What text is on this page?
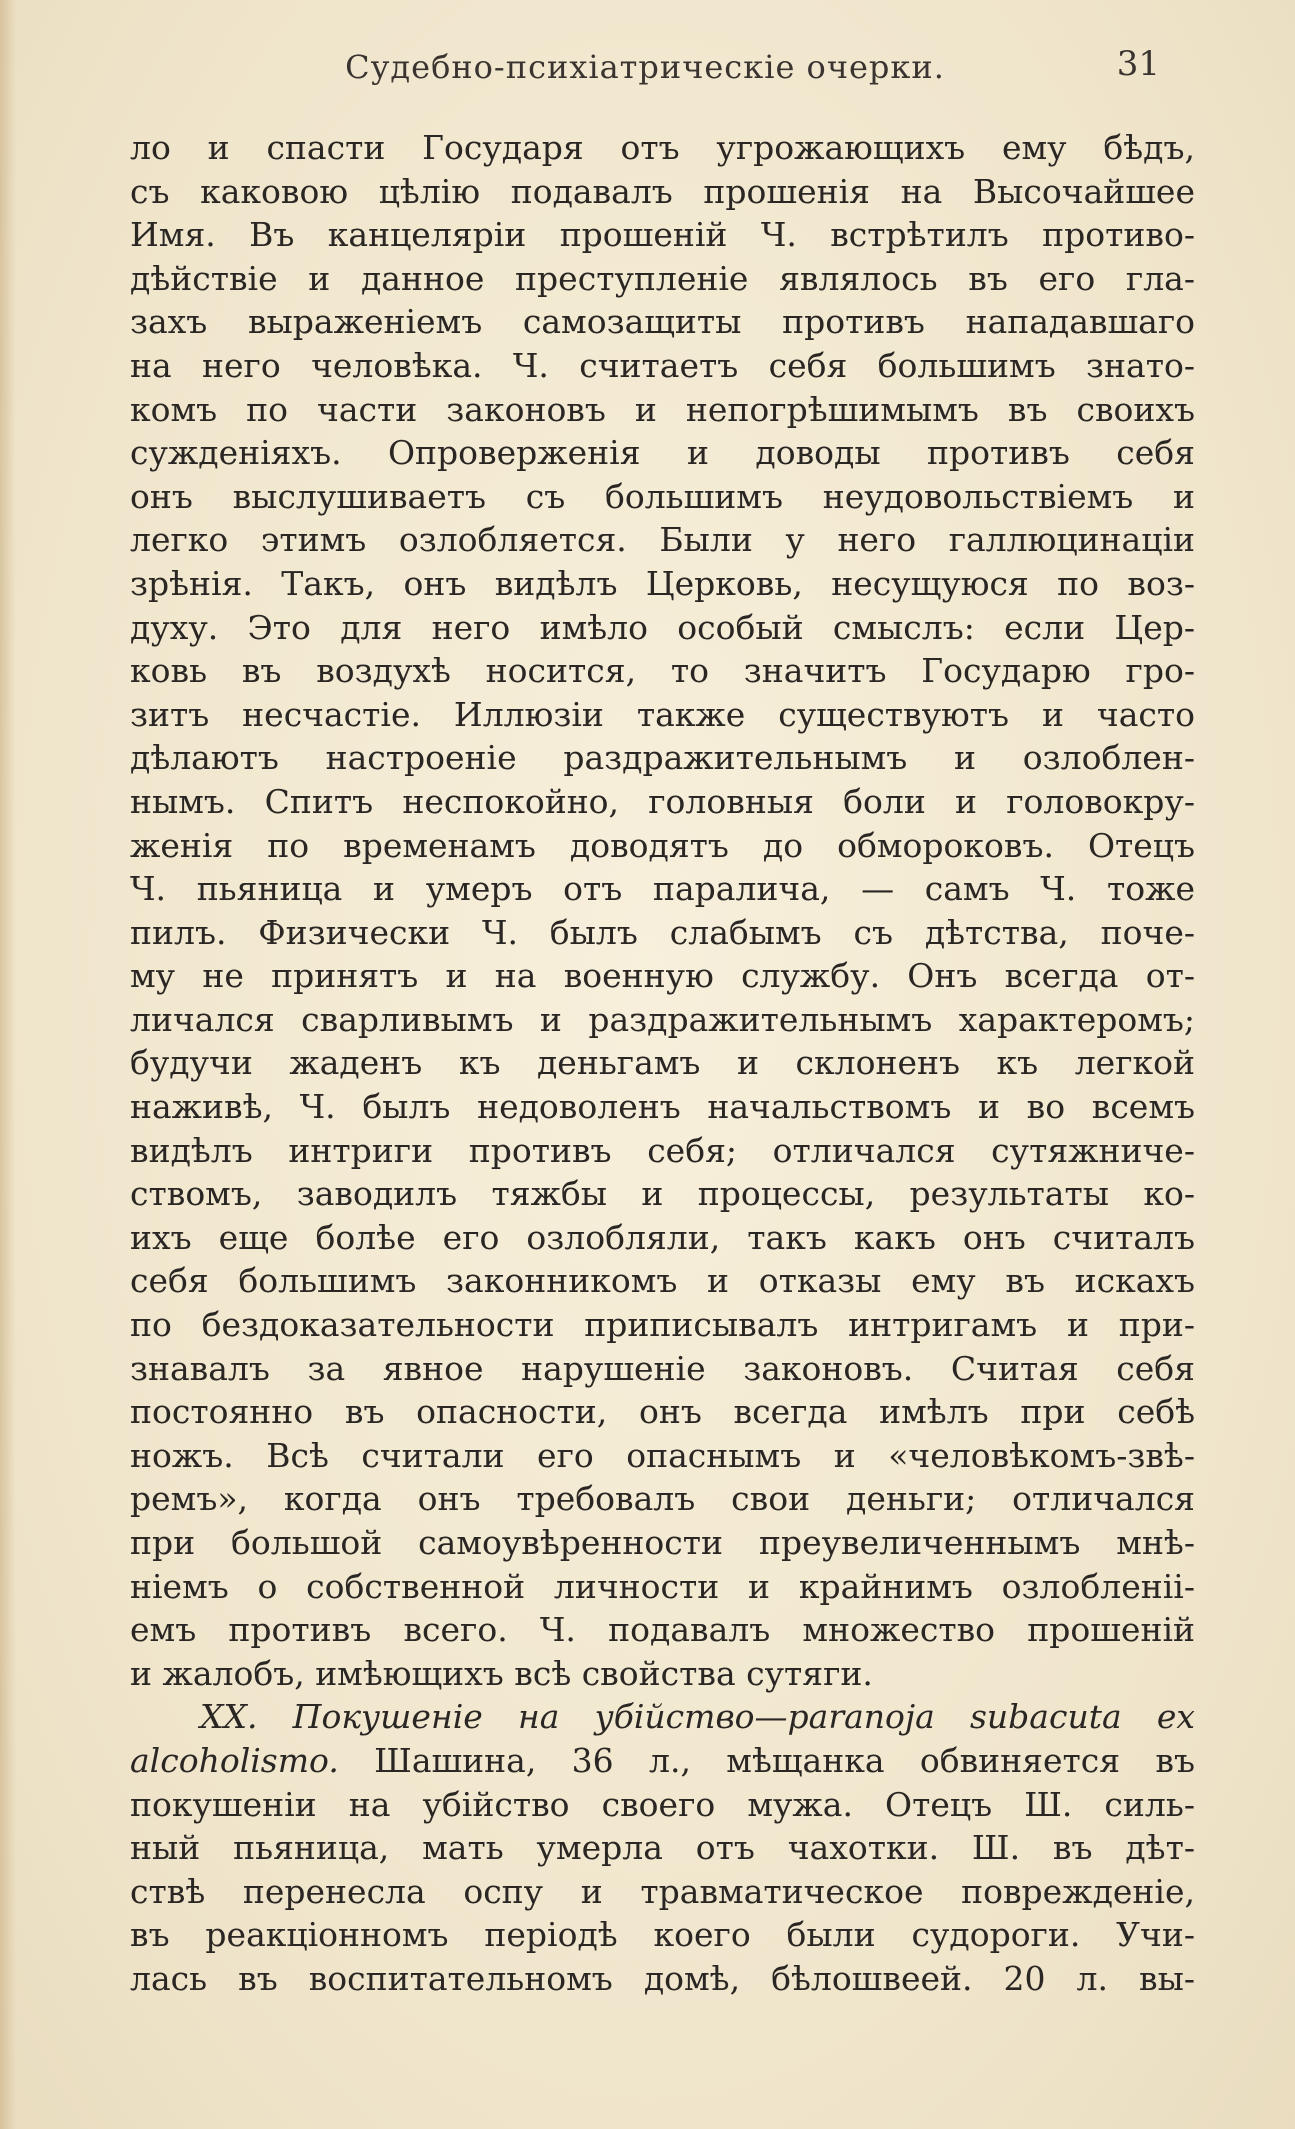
Судебно-психіатрическіе очерки.	31
ло и спасти Государя отъ угрожающихъ ему бѣдъ,
съ каковою цѣлію подавалъ прошенія на Высочайшее
Имя. Въ канцеляріи прошеній Ч. встрѣтилъ противо-
дѣйствіе и данное преступленіе являлось въ его гла-
захъ выраженіемъ самозащиты противъ нападавшаго
на него человѣка. Ч. считаетъ себя большимъ знато-
комъ по части законовъ и непогрѣшимымъ въ своихъ
сужденіяхъ. Опроверженія и доводы противъ себя
онъ выслушиваетъ съ большимъ неудовольствіемъ и
легко этимъ озлобляется. Были у него галлюцинаціи
зрѣнія. Такъ, онъ видѣлъ Церковь, несущуюся по воз-
духу. Это для него имѣло особый смыслъ: если Цер-
ковь въ воздухѣ носится, то значитъ Государю гро-
зитъ несчастіе. Иллюзіи также существуютъ и часто
дѣлаютъ настроеніе раздражительнымъ и озлоблен-
нымъ. Спитъ неспокойно, головныя боли и головокру-
женія по временамъ доводятъ до обмороковъ. Отецъ
Ч. пьяница и умеръ отъ паралича, — самъ Ч. тоже
пилъ. Физически Ч. былъ слабымъ съ дѣтства, поче-
му не принятъ и на военную службу. Онъ всегда от-
личался сварливымъ и раздражительнымъ характеромъ;
будучи жаденъ къ деньгамъ и склоненъ къ легкой
наживѣ, Ч. былъ недоволенъ начальствомъ и во всемъ
видѣлъ интриги противъ себя; отличался сутяжниче-
ствомъ, заводилъ тяжбы и процессы, результаты ко-
ихъ еще болѣе его озлобляли, такъ какъ онъ считалъ
себя большимъ законникомъ и отказы ему въ искахъ
по бездоказательности приписывалъ интригамъ и при-
знавалъ за явное нарушеніе законовъ. Считая себя
постоянно въ опасности, онъ всегда имѣлъ при себѣ
ножъ. Всѣ считали его опаснымъ и «человѣкомъ-звѣ-
ремъ», когда онъ требовалъ свои деньги; отличался
при большой самоувѣренности преувеличеннымъ мнѣ-
ніемъ о собственной личности и крайнимъ озлобленіі-
емъ противъ всего. Ч. подавалъ множество прошеній
и жалобъ, имѣющихъ всѣ свойства сутяги.
XX. Покушеніе на убійство—paranoja subacuta ex
alcoholismo. Шашина, 36 л., мѣщанка обвиняется въ
покушеніи на убійство своего мужа. Отецъ Ш. силь-
ный пьяница, мать умерла отъ чахотки. Ш. въ дѣт-
ствѣ перенесла оспу и травматическое поврежденіе,
въ реакціонномъ періодѣ коего были судороги. Учи-
лась въ воспитательномъ домѣ, бѣлошвеей. 20 л. вы-
